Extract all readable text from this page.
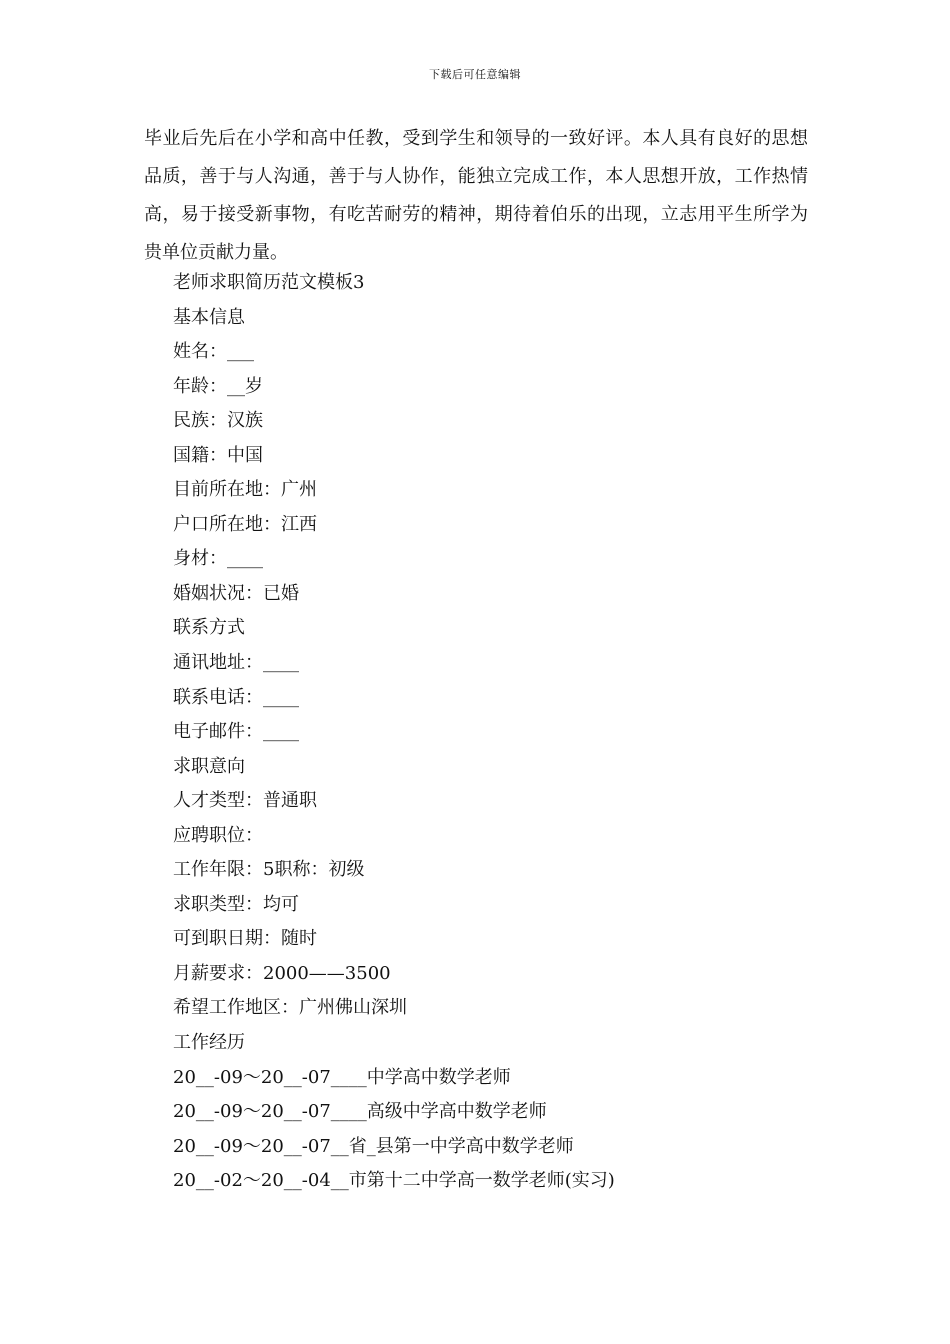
下载后可任意编辑

毕业后先后在小学和高中任教，受到学生和领导的一致好评。本人具有良好的思想品质，善于与人沟通，善于与人协作，能独立完成工作，本人思想开放，工作热情高，易于接受新事物，有吃苦耐劳的精神，期待着伯乐的出现，立志用平生所学为贵单位贡献力量。

老师求职简历范文模板3
基本信息
姓名：___
年龄：__岁
民族：汉族
国籍：中国
目前所在地：广州
户口所在地：江西
身材：____
婚姻状况：已婚
联系方式
通讯地址：____
联系电话：____
电子邮件：____
求职意向
人才类型：普通职
应聘职位：
工作年限：5职称：初级
求职类型：均可
可到职日期：随时
月薪要求：2000——3500
希望工作地区：广州佛山深圳
工作经历
20__-09～20__-07____中学高中数学老师
20__-09～20__-07____高级中学高中数学老师
20__-09～20__-07__省_县第一中学高中数学老师
20__-02～20__-04__市第十二中学高一数学老师(实习)
